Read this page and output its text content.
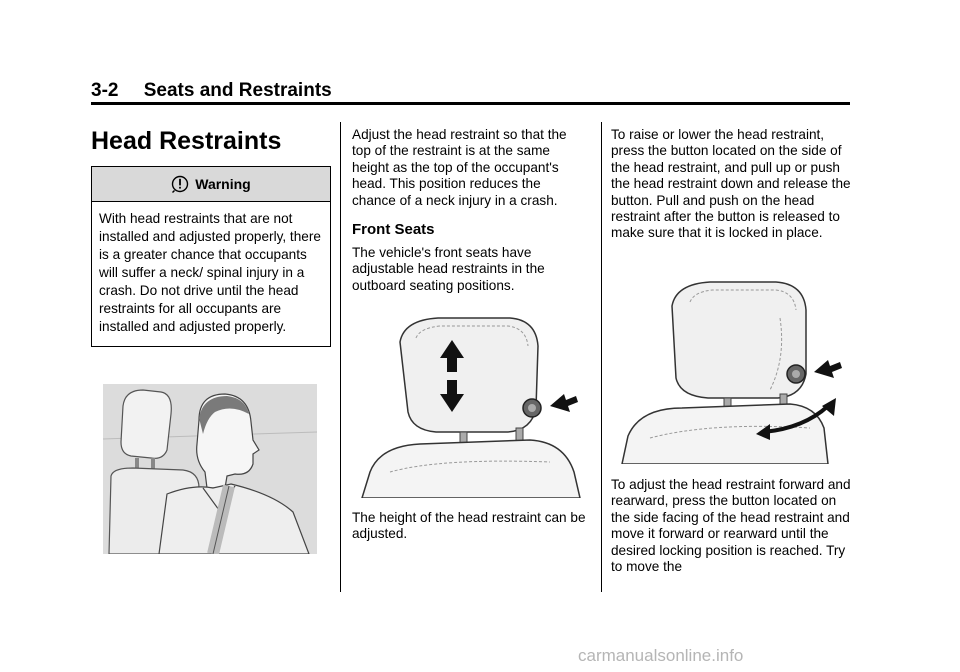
3-2 Seats and Restraints
Head Restraints
Warning
With head restraints that are not installed and adjusted properly, there is a greater chance that occupants will suffer a neck/ spinal injury in a crash. Do not drive until the head restraints for all occupants are installed and adjusted properly.

Adjust the head restraint so that the top of the restraint is at the same height as the top of the occupant's head. This position reduces the chance of a neck injury in a crash.

Front Seats

The vehicle's front seats have adjustable head restraints in the outboard seating positions.

The height of the head restraint can be adjusted.

To raise or lower the head restraint, press the button located on the side of the head restraint, and pull up or push the head restraint down and release the button. Pull and push on the head restraint after the button is released to make sure that it is locked in place.

To adjust the head restraint forward and rearward, press the button located on the side facing of the head restraint and move it forward or rearward until the desired locking position is reached. Try to move the

carmanualsonline.info
